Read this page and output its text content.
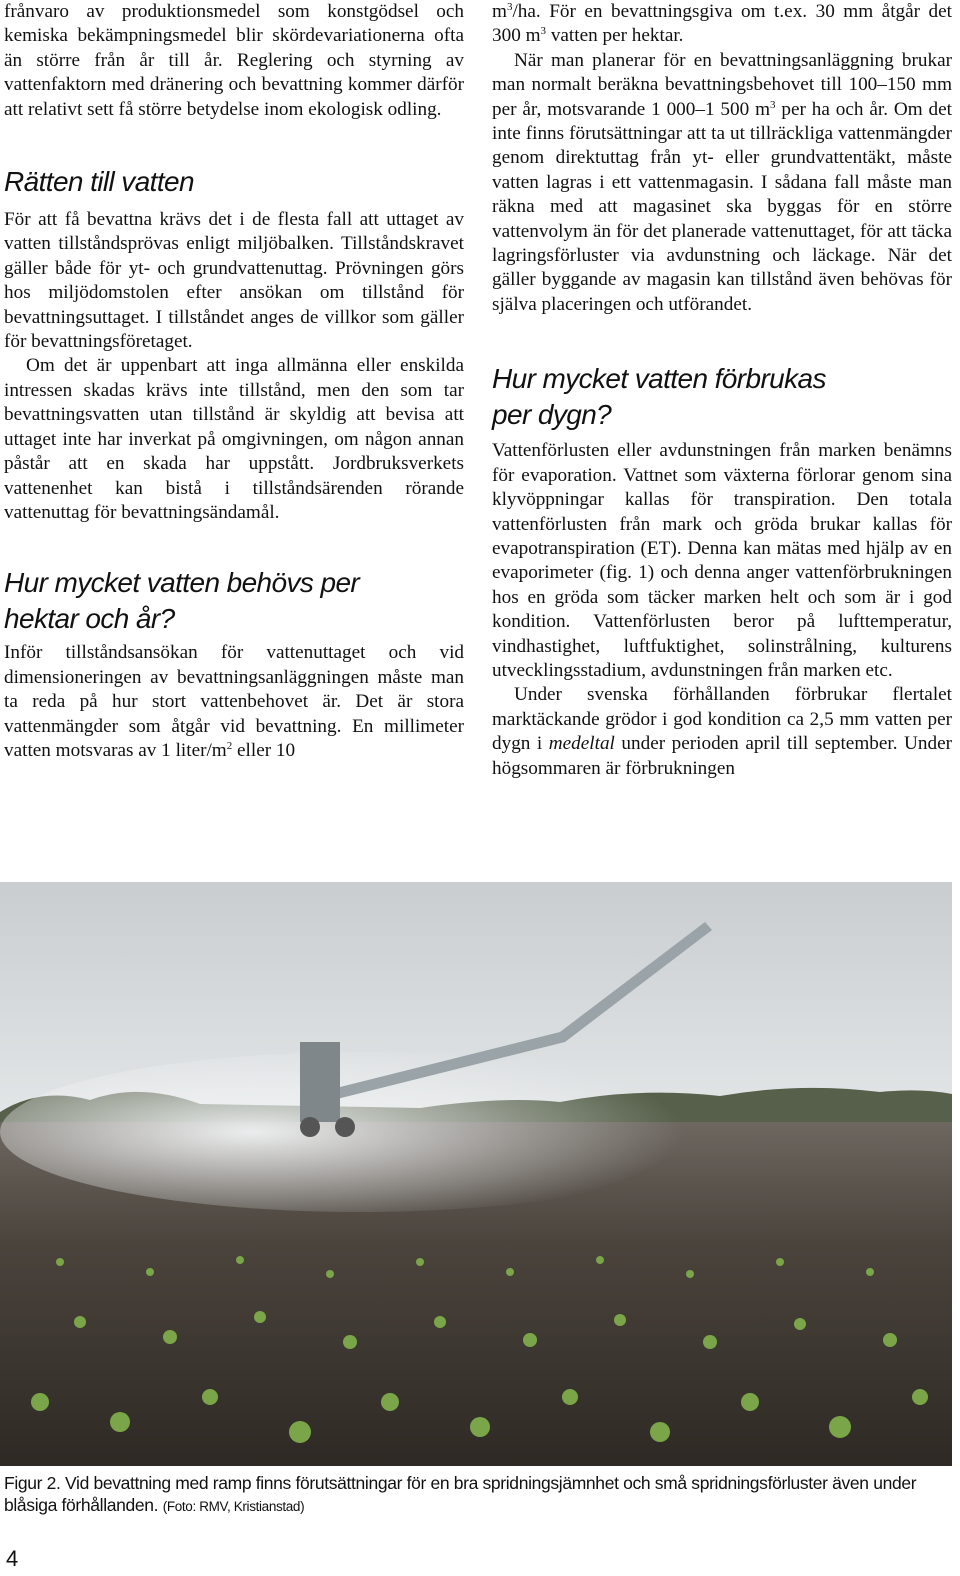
frånvaro av produktionsmedel som konstgödsel och kemiska bekämpningsmedel blir skördevariationerna ofta än större från år till år. Reglering och styrning av vattenfaktorn med dränering och bevattning kommer därför att relativt sett få större betydelse inom ekologisk odling.

Rätten till vatten

För att få bevattna krävs det i de flesta fall att uttaget av vatten tillståndsprövas enligt miljöbalken. Tillståndskravet gäller både för yt- och grundvattenuttag. Prövningen görs hos miljödomstolen efter ansökan om tillstånd för bevattningsuttaget. I tillståndet anges de villkor som gäller för bevattningsföretaget.

Om det är uppenbart att inga allmänna eller enskilda intressen skadas krävs inte tillstånd, men den som tar bevattningsvatten utan tillstånd är skyldig att bevisa att uttaget inte har inverkat på omgivningen, om någon annan påstår att en skada har uppstått. Jordbruksverkets vattenenhet kan bistå i tillståndsärenden rörande vattenuttag för bevattningsändamål.

Hur mycket vatten behövs per
hektar och år?

Inför tillståndsansökan för vattenuttaget och vid dimensioneringen av bevattningsanläggningen måste man ta reda på hur stort vattenbehovet är. Det är stora vattenmängder som åtgår vid bevattning. En millimeter vatten motsvaras av 1 liter/$m^2$ eller 10

$m^3/ha$. För en bevattningsgiva om t.ex. 30 mm åtgår det 300 $m^3$ vatten per hektar.

När man planerar för en bevattningsanläggning brukar man normalt beräkna bevattningsbehovet till 100–150 mm per år, motsvarande 1 000–1 500 $m^3$ per ha och år. Om det inte finns förutsättningar att ta ut tillräckliga vattenmängder genom direktuttag från yt- eller grundvattentäkt, måste vatten lagras i ett vattenmagasin. I sådana fall måste man räkna med att magasinet ska byggas för en större vattenvolym än för det planerade vattenuttaget, för att täcka lagringsförluster via avdunstning och läckage. När det gäller byggande av magasin kan tillstånd även behövas för själva placeringen och utförandet.

Hur mycket vatten förbrukas
per dygn?

Vattenförlusten eller avdunstningen från marken benämns för evaporation. Vattnet som växterna förlorar genom sina klyvöppningar kallas för transpiration. Den totala vattenförlusten från mark och gröda brukar kallas för evapotranspiration (ET). Denna kan mätas med hjälp av en evaporimeter (fig. 1) och denna anger vattenförbrukningen hos en gröda som täcker marken helt och som är i god kondition. Vattenförlusten beror på lufttemperatur, vindhastighet, luftfuktighet, solinstrålning, kulturens utvecklingsstadium, avdunstningen från marken etc.

Under svenska förhållanden förbrukar flertalet marktäckande grödor i god kondition ca 2,5 mm vatten per dygn i medeltal under perioden april till september. Under högsommaren är förbrukningen

Figur 2. Vid bevattning med ramp finns förutsättningar för en bra spridningsjämnhet och små spridningsförluster även under blåsiga förhållanden. (Foto: RMV, Kristianstad)
4
